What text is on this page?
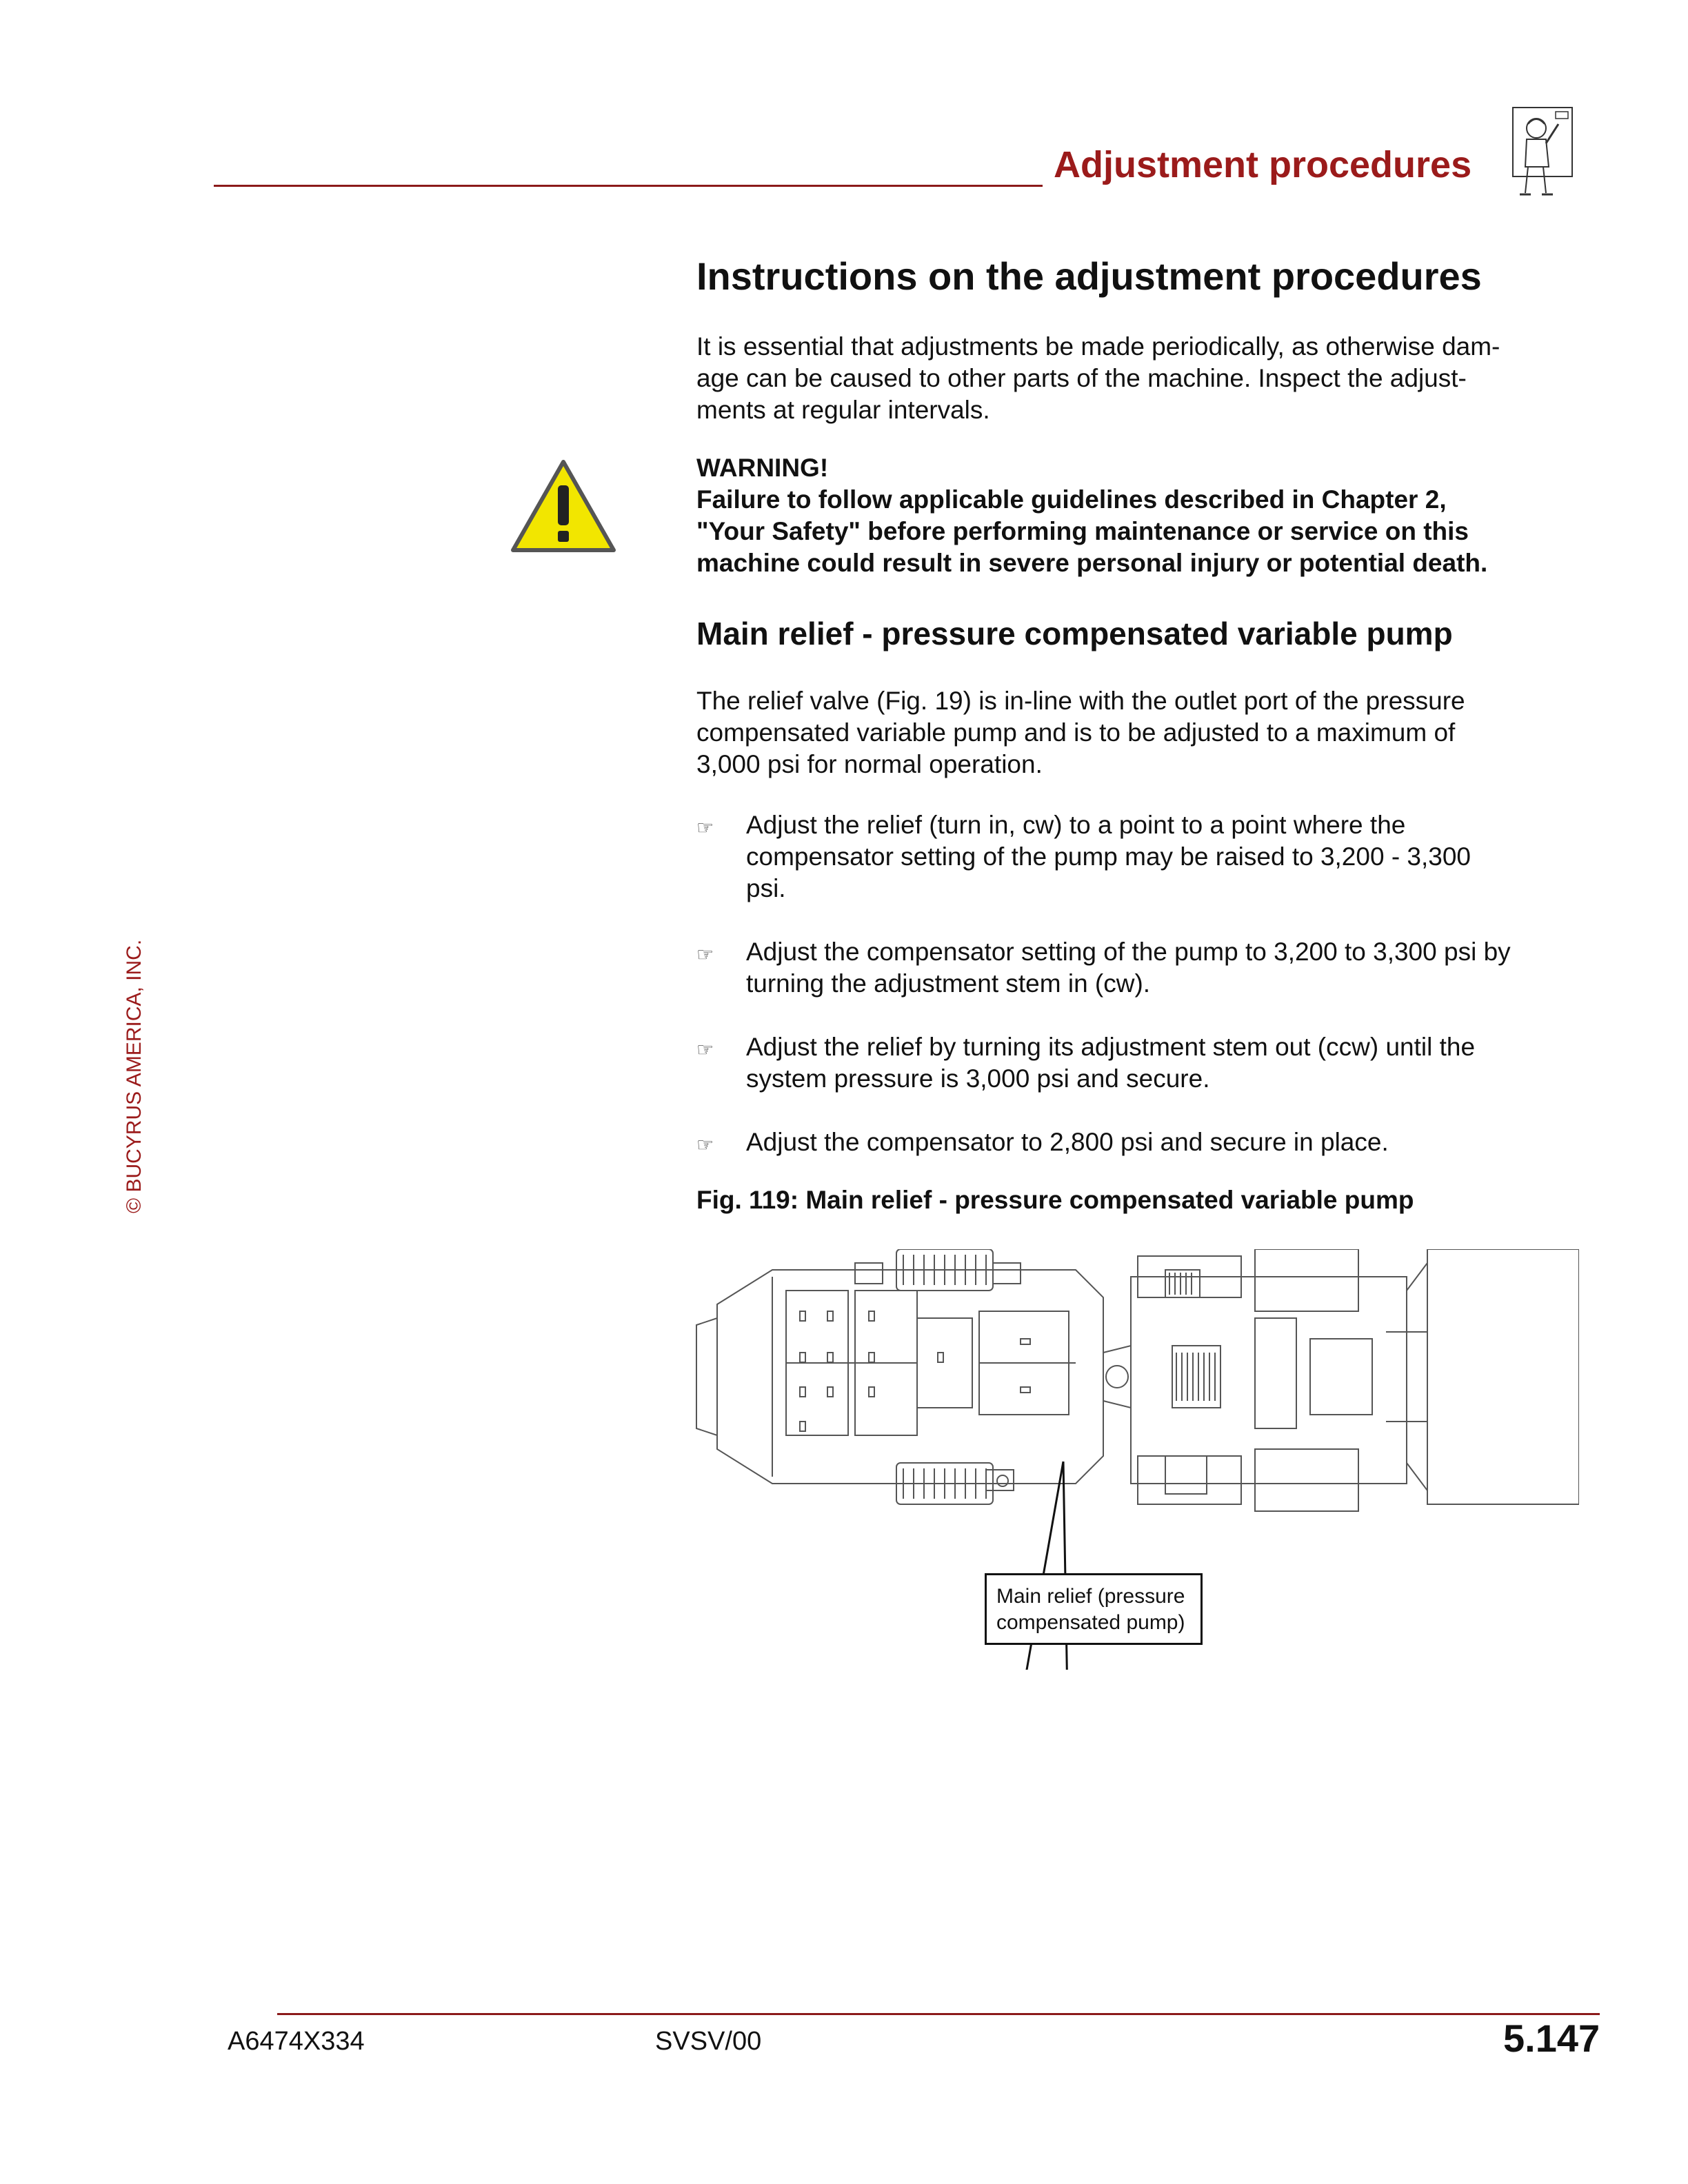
Adjustment procedures
© BUCYRUS AMERICA, INC.
Instructions on the adjustment procedures
It is essential that adjustments be made periodically, as otherwise dam-
age can be caused to other parts of the machine. Inspect the adjust-
ments at regular intervals.
WARNING!
Failure to follow applicable guidelines described in Chapter 2,
"Your Safety" before performing maintenance or service on this
machine could result in severe personal injury or potential death.
Main relief - pressure compensated variable pump
The relief valve (Fig. 19) is in-line with the outlet port of the pressure
compensated variable pump and is to be adjusted to a maximum of
3,000 psi for normal operation.
☞ Adjust the relief (turn in, cw) to a point to a point where the
compensator setting of the pump may be raised to 3,200 - 3,300
psi.
☞ Adjust the compensator setting of the pump to 3,200 to 3,300 psi by
turning the adjustment stem in (cw).
☞ Adjust the relief by turning its adjustment stem out (ccw) until the
system pressure is 3,000 psi and secure.
☞ Adjust the compensator to 2,800 psi and secure in place.
Fig. 119: Main relief - pressure compensated variable pump
Main relief (pressure
compensated pump)
A6474X334	SVSV/00	5.147
